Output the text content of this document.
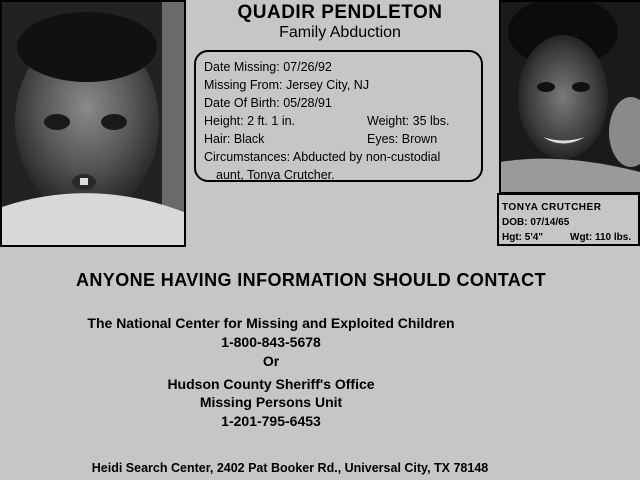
QUADIR PENDLETON
Family Abduction
Date Missing: 07/26/92
Missing From: Jersey City, NJ
Date Of Birth: 05/28/91
Height: 2 ft. 1 in.	Weight: 35 lbs.
Hair: Black	Eyes: Brown
Circumstances: Abducted by non-custodial
aunt, Tonya Crutcher.
TONYA CRUTCHER
DOB: 07/14/65
Hgt: 5'4"	Wgt: 110 lbs.
ANYONE HAVING INFORMATION SHOULD CONTACT
The National Center for Missing and Exploited Children
1-800-843-5678
Or
Hudson County Sheriff's Office
Missing Persons Unit
1-201-795-6453
Heidi Search Center, 2402 Pat Booker Rd., Universal City, TX 78148
